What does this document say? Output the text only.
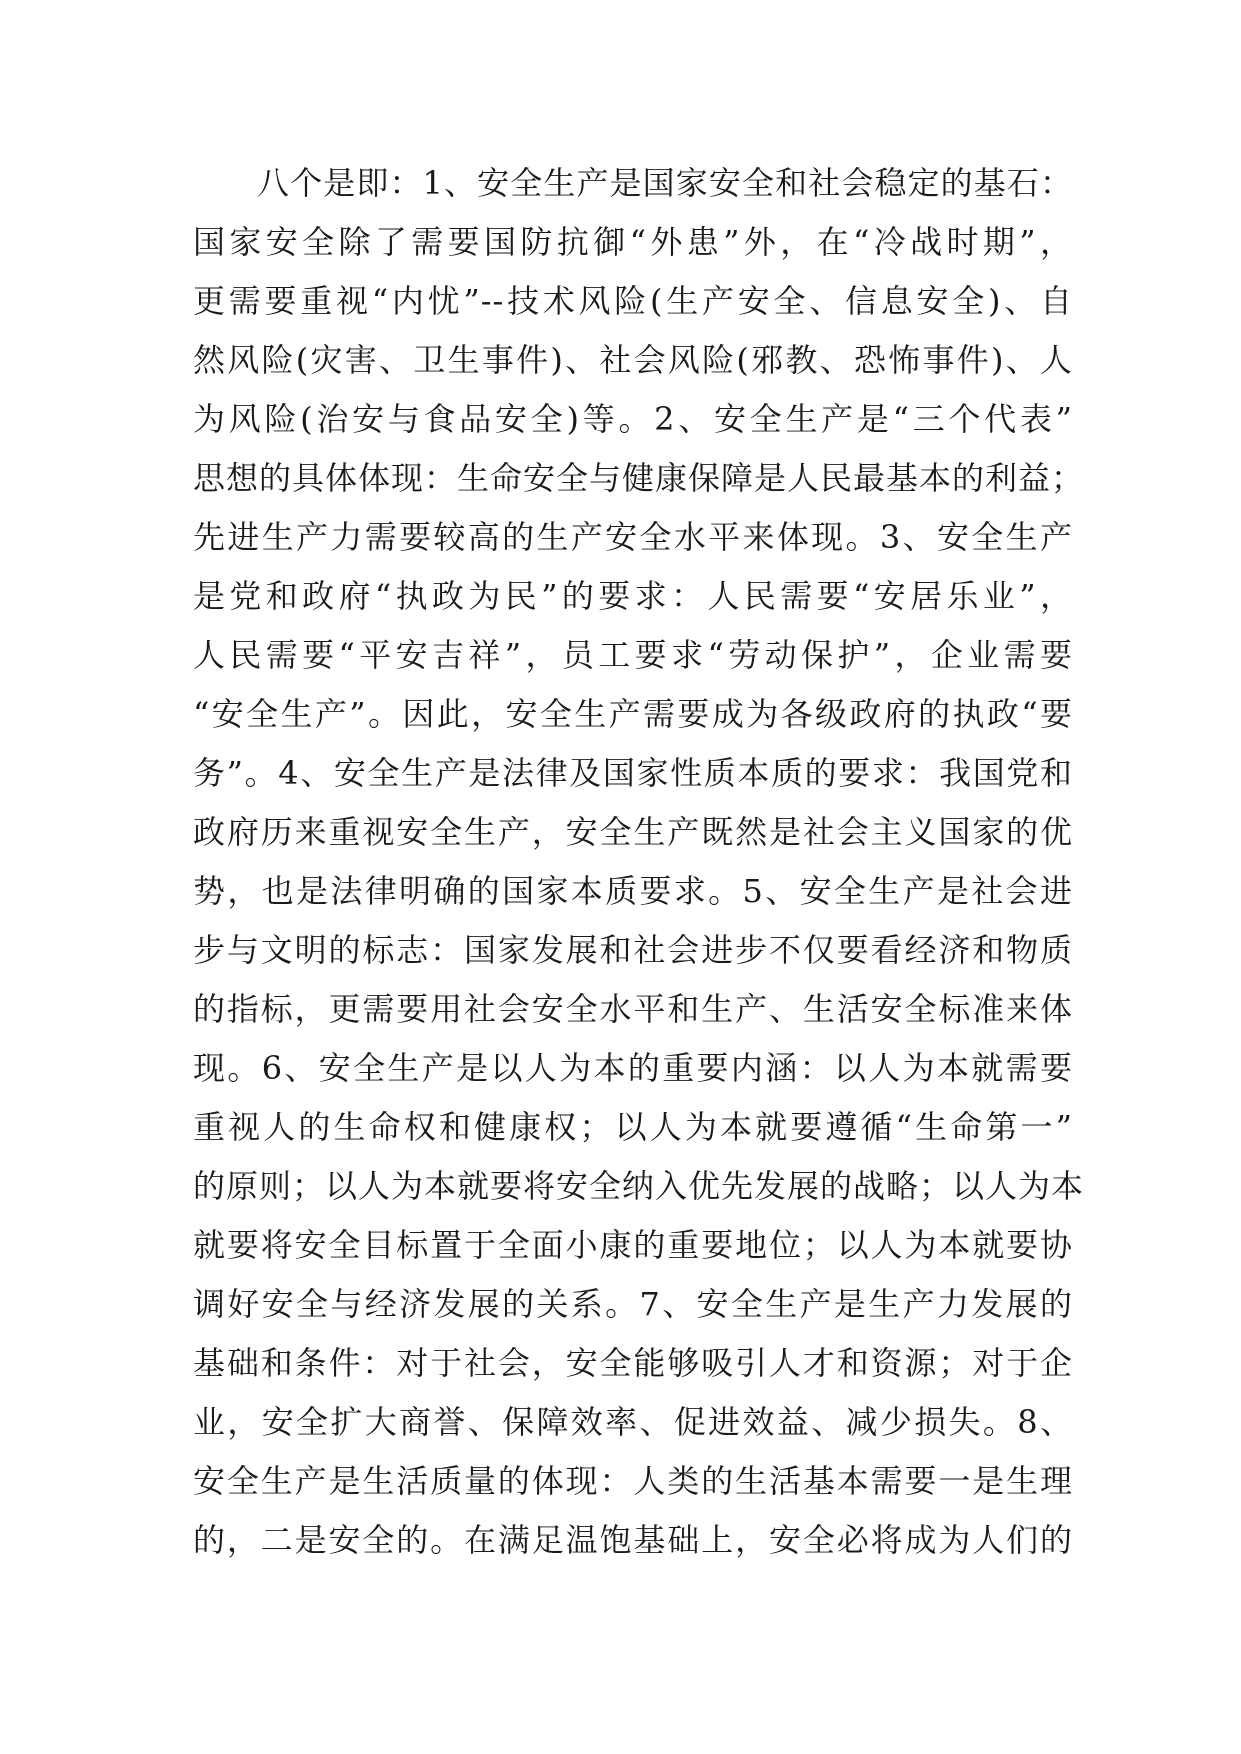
八个是即：1、安全生产是国家安全和社会稳定的基石：
国家安全除了需要国防抗御“外患”外，在“冷战时期”，
更需要重视“内忧”--技术风险(生产安全、信息安全)、自
然风险(灾害、卫生事件)、社会风险(邪教、恐怖事件)、人
为风险(治安与食品安全)等。2、安全生产是“三个代表”
思想的具体体现：生命安全与健康保障是人民最基本的利益；
先进生产力需要较高的生产安全水平来体现。3、安全生产
是党和政府“执政为民”的要求：人民需要“安居乐业”，
人民需要“平安吉祥”，员工要求“劳动保护”，企业需要
“安全生产”。因此，安全生产需要成为各级政府的执政“要
务”。4、安全生产是法律及国家性质本质的要求：我国党和
政府历来重视安全生产，安全生产既然是社会主义国家的优
势，也是法律明确的国家本质要求。5、安全生产是社会进
步与文明的标志：国家发展和社会进步不仅要看经济和物质
的指标，更需要用社会安全水平和生产、生活安全标准来体
现。6、安全生产是以人为本的重要内涵：以人为本就需要
重视人的生命权和健康权；以人为本就要遵循“生命第一”
的原则；以人为本就要将安全纳入优先发展的战略；以人为本
就要将安全目标置于全面小康的重要地位；以人为本就要协
调好安全与经济发展的关系。7、安全生产是生产力发展的
基础和条件：对于社会，安全能够吸引人才和资源；对于企
业，安全扩大商誉、保障效率、促进效益、减少损失。8、
安全生产是生活质量的体现：人类的生活基本需要一是生理
的，二是安全的。在满足温饱基础上，安全必将成为人们的
